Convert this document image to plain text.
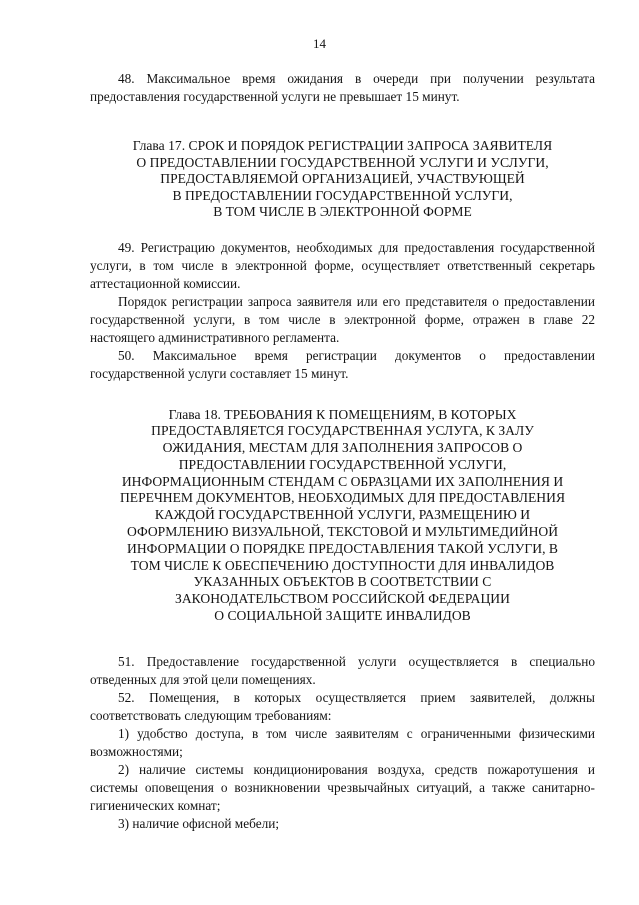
14

48. Максимальное время ожидания в очереди при получении результата предоставления государственной услуги не превышает 15 минут.

Глава 17. СРОК И ПОРЯДОК РЕГИСТРАЦИИ ЗАПРОСА ЗАЯВИТЕЛЯ
О ПРЕДОСТАВЛЕНИИ ГОСУДАРСТВЕННОЙ УСЛУГИ И УСЛУГИ,
ПРЕДОСТАВЛЯЕМОЙ ОРГАНИЗАЦИЕЙ, УЧАСТВУЮЩЕЙ
В ПРЕДОСТАВЛЕНИИ ГОСУДАРСТВЕННОЙ УСЛУГИ,
В ТОМ ЧИСЛЕ В ЭЛЕКТРОННОЙ ФОРМЕ

49. Регистрацию документов, необходимых для предоставления государственной услуги, в том числе в электронной форме, осуществляет ответственный секретарь аттестационной комиссии.

Порядок регистрации запроса заявителя или его представителя о предоставлении государственной услуги, в том числе в электронной форме, отражен в главе 22 настоящего административного регламента.

50. Максимальное время регистрации документов о предоставлении государственной услуги составляет 15 минут.

Глава 18. ТРЕБОВАНИЯ К ПОМЕЩЕНИЯМ, В КОТОРЫХ
ПРЕДОСТАВЛЯЕТСЯ ГОСУДАРСТВЕННАЯ УСЛУГА, К ЗАЛУ
ОЖИДАНИЯ, МЕСТАМ ДЛЯ ЗАПОЛНЕНИЯ ЗАПРОСОВ О
ПРЕДОСТАВЛЕНИИ ГОСУДАРСТВЕННОЙ УСЛУГИ,
ИНФОРМАЦИОННЫМ СТЕНДАМ С ОБРАЗЦАМИ ИХ ЗАПОЛНЕНИЯ И
ПЕРЕЧНЕМ ДОКУМЕНТОВ, НЕОБХОДИМЫХ ДЛЯ ПРЕДОСТАВЛЕНИЯ
КАЖДОЙ ГОСУДАРСТВЕННОЙ УСЛУГИ, РАЗМЕЩЕНИЮ И
ОФОРМЛЕНИЮ ВИЗУАЛЬНОЙ, ТЕКСТОВОЙ И МУЛЬТИМЕДИЙНОЙ
ИНФОРМАЦИИ О ПОРЯДКЕ ПРЕДОСТАВЛЕНИЯ ТАКОЙ УСЛУГИ, В
ТОМ ЧИСЛЕ К ОБЕСПЕЧЕНИЮ ДОСТУПНОСТИ ДЛЯ ИНВАЛИДОВ
УКАЗАННЫХ ОБЪЕКТОВ В СООТВЕТСТВИИ С
ЗАКОНОДАТЕЛЬСТВОМ РОССИЙСКОЙ ФЕДЕРАЦИИ
О СОЦИАЛЬНОЙ ЗАЩИТЕ ИНВАЛИДОВ

51. Предоставление государственной услуги осуществляется в специально отведенных для этой цели помещениях.

52. Помещения, в которых осуществляется прием заявителей, должны соответствовать следующим требованиям:

1) удобство доступа, в том числе заявителям с ограниченными физическими возможностями;

2) наличие системы кондиционирования воздуха, средств пожаротушения и системы оповещения о возникновении чрезвычайных ситуаций, а также санитарно-гигиенических комнат;

3) наличие офисной мебели;
